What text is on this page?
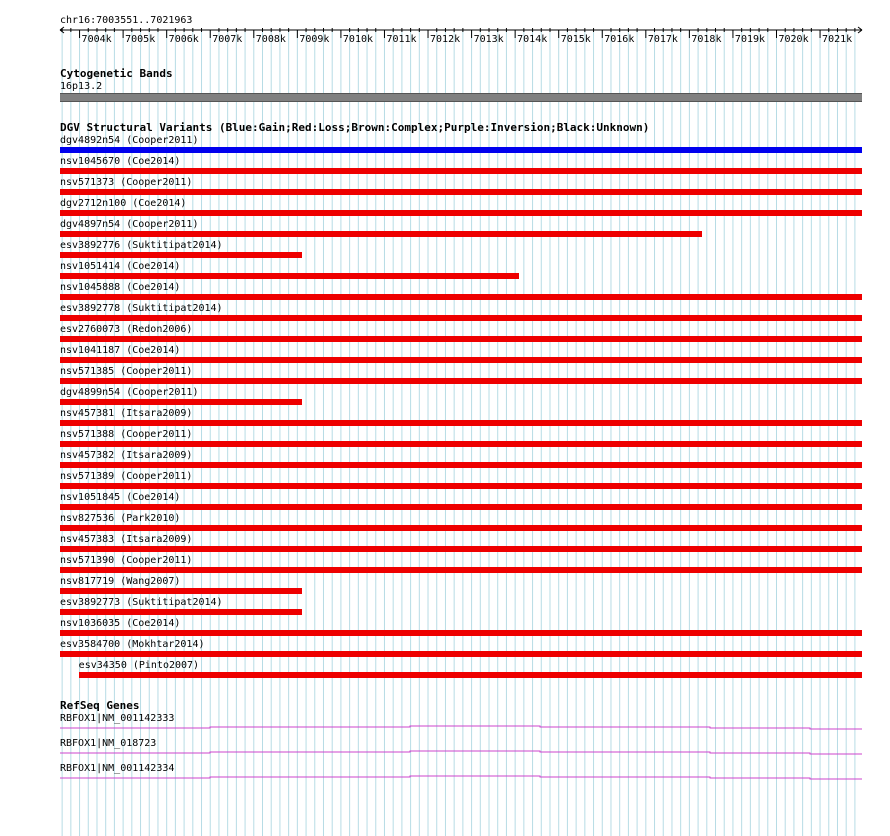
chr16:7003551..7021963
7004k 7005k 7006k 7007k 7008k 7009k 7010k 7011k 7012k 7013k 7014k 7015k 7016k 7017k 7018k 7019k 7020k 7021k
Cytogenetic Bands
16p13.2
DGV Structural Variants (Blue:Gain;Red:Loss;Brown:Complex;Purple:Inversion;Black:Unknown)
dgv4892n54 (Cooper2011)
nsv1045670 (Coe2014)
nsv571373 (Cooper2011)
dgv2712n100 (Coe2014)
dgv4897n54 (Cooper2011)
esv3892776 (Suktitipat2014)
nsv1051414 (Coe2014)
nsv1045888 (Coe2014)
esv3892778 (Suktitipat2014)
esv2760073 (Redon2006)
nsv1041187 (Coe2014)
nsv571385 (Cooper2011)
dgv4899n54 (Cooper2011)
nsv457381 (Itsara2009)
nsv571388 (Cooper2011)
nsv457382 (Itsara2009)
nsv571389 (Cooper2011)
nsv1051845 (Coe2014)
nsv827536 (Park2010)
nsv457383 (Itsara2009)
nsv571390 (Cooper2011)
nsv817719 (Wang2007)
esv3892773 (Suktitipat2014)
nsv1036035 (Coe2014)
esv3584700 (Mokhtar2014)
esv34350 (Pinto2007)
RefSeq Genes
RBFOX1|NM_001142333
RBFOX1|NM_018723
RBFOX1|NM_001142334
